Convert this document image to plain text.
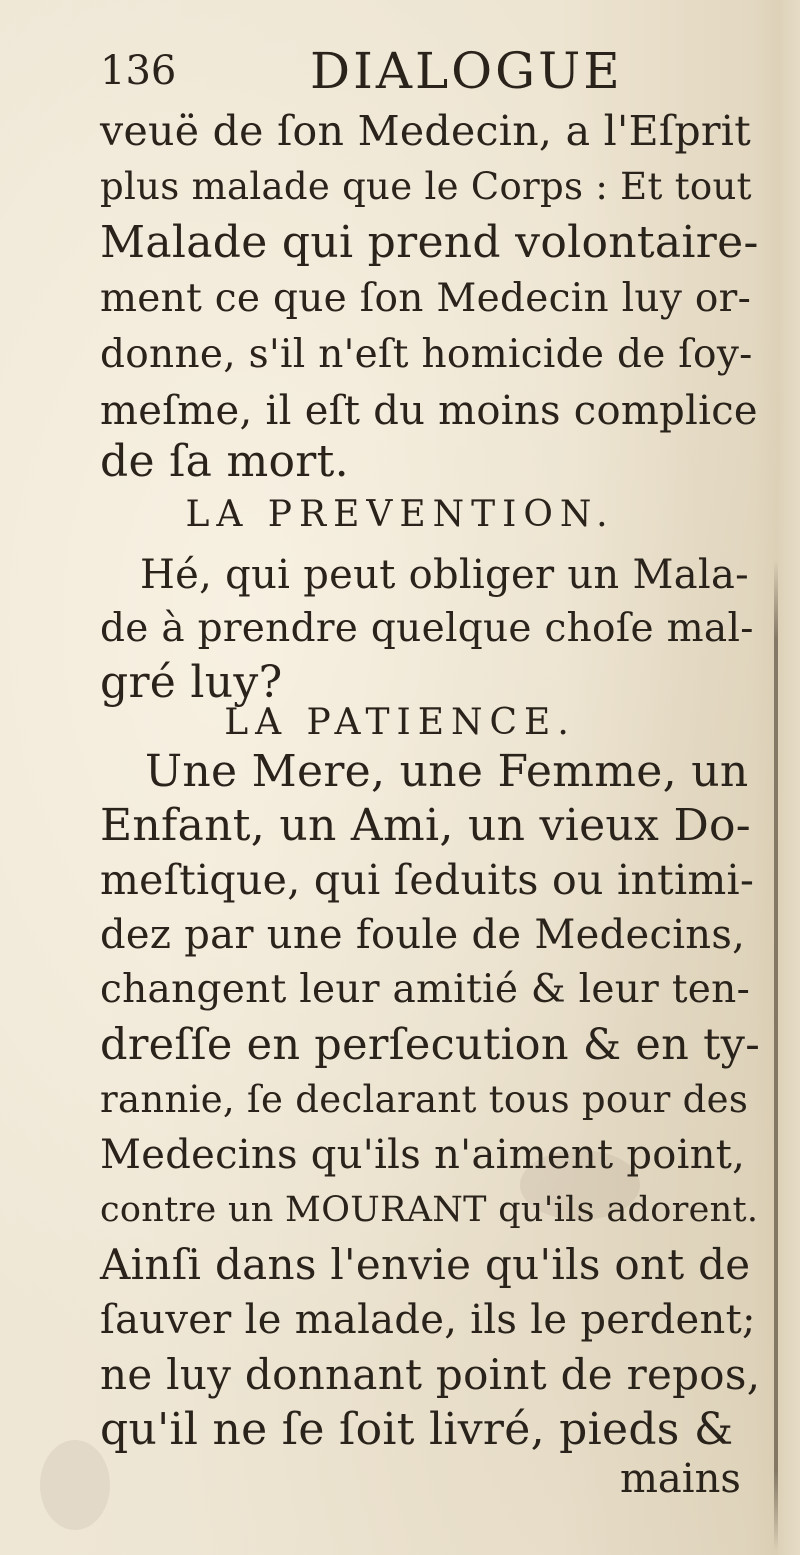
136	DIALOGUE
veuë de ſon Medecin, a l'Eſprit
plus malade que le Corps : Et tout
Malade qui prend volontaire-
ment ce que ſon Medecin luy or-
donne, s'il n'eſt homicide de ſoy-
meſme, il eſt du moins complice
de ſa mort.
LA PREVENTION.
Hé, qui peut obliger un Mala-
de à prendre quelque choſe mal-
gré luy?
LA PATIENCE.
Une Mere, une Femme, un
Enfant, un Ami, un vieux Do-
meſtique, qui ſeduits ou intimi-
dez par une foule de Medecins,
changent leur amitié & leur ten-
dreſſe en perſecution & en ty-
rannie, ſe declarant tous pour des
Medecins qu'ils n'aiment point,
contre un MOURANT qu'ils adorent.
Ainſi dans l'envie qu'ils ont de
ſauver le malade, ils le perdent;
ne luy donnant point de repos,
qu'il ne ſe ſoit livré, pieds &
mains
